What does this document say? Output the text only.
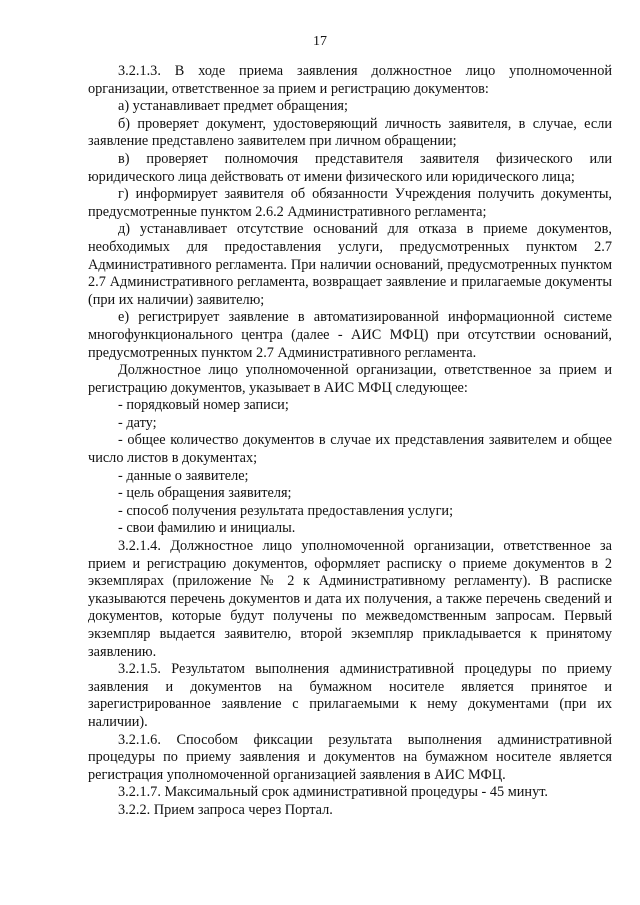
17

3.2.1.3. В ходе приема заявления должностное лицо уполномоченной организации, ответственное за прием и регистрацию документов:

а) устанавливает предмет обращения;

б) проверяет документ, удостоверяющий личность заявителя, в случае, если заявление представлено заявителем при личном обращении;

в) проверяет полномочия представителя заявителя физического или юридического лица действовать от имени физического или юридического лица;

г) информирует заявителя об обязанности Учреждения получить документы, предусмотренные пунктом 2.6.2 Административного регламента;

д) устанавливает отсутствие оснований для отказа в приеме документов, необходимых для предоставления услуги, предусмотренных пунктом 2.7 Административного регламента. При наличии оснований, предусмотренных пунктом 2.7 Административного регламента, возвращает заявление и прилагаемые документы (при их наличии) заявителю;

е) регистрирует заявление в автоматизированной информационной системе многофункционального центра (далее - АИС МФЦ) при отсутствии оснований, предусмотренных пунктом 2.7 Административного регламента.

Должностное лицо уполномоченной организации, ответственное за прием и регистрацию документов, указывает в АИС МФЦ следующее:

- порядковый номер записи;

- дату;

- общее количество документов в случае их представления заявителем и общее число листов в документах;

- данные о заявителе;

- цель обращения заявителя;

- способ получения результата предоставления услуги;

- свои фамилию и инициалы.

3.2.1.4. Должностное лицо уполномоченной организации, ответственное за прием и регистрацию документов, оформляет расписку о приеме документов в 2 экземплярах (приложение № 2 к Административному регламенту). В расписке указываются перечень документов и дата их получения, а также перечень сведений и документов, которые будут получены по межведомственным запросам. Первый экземпляр выдается заявителю, второй экземпляр прикладывается к принятому заявлению.

3.2.1.5. Результатом выполнения административной процедуры по приему заявления и документов на бумажном носителе является принятое и зарегистрированное заявление с прилагаемыми к нему документами (при их наличии).

3.2.1.6. Способом фиксации результата выполнения административной процедуры по приему заявления и документов на бумажном носителе является регистрация уполномоченной организацией заявления в АИС МФЦ.

3.2.1.7. Максимальный срок административной процедуры - 45 минут.

3.2.2. Прием запроса через Портал.
